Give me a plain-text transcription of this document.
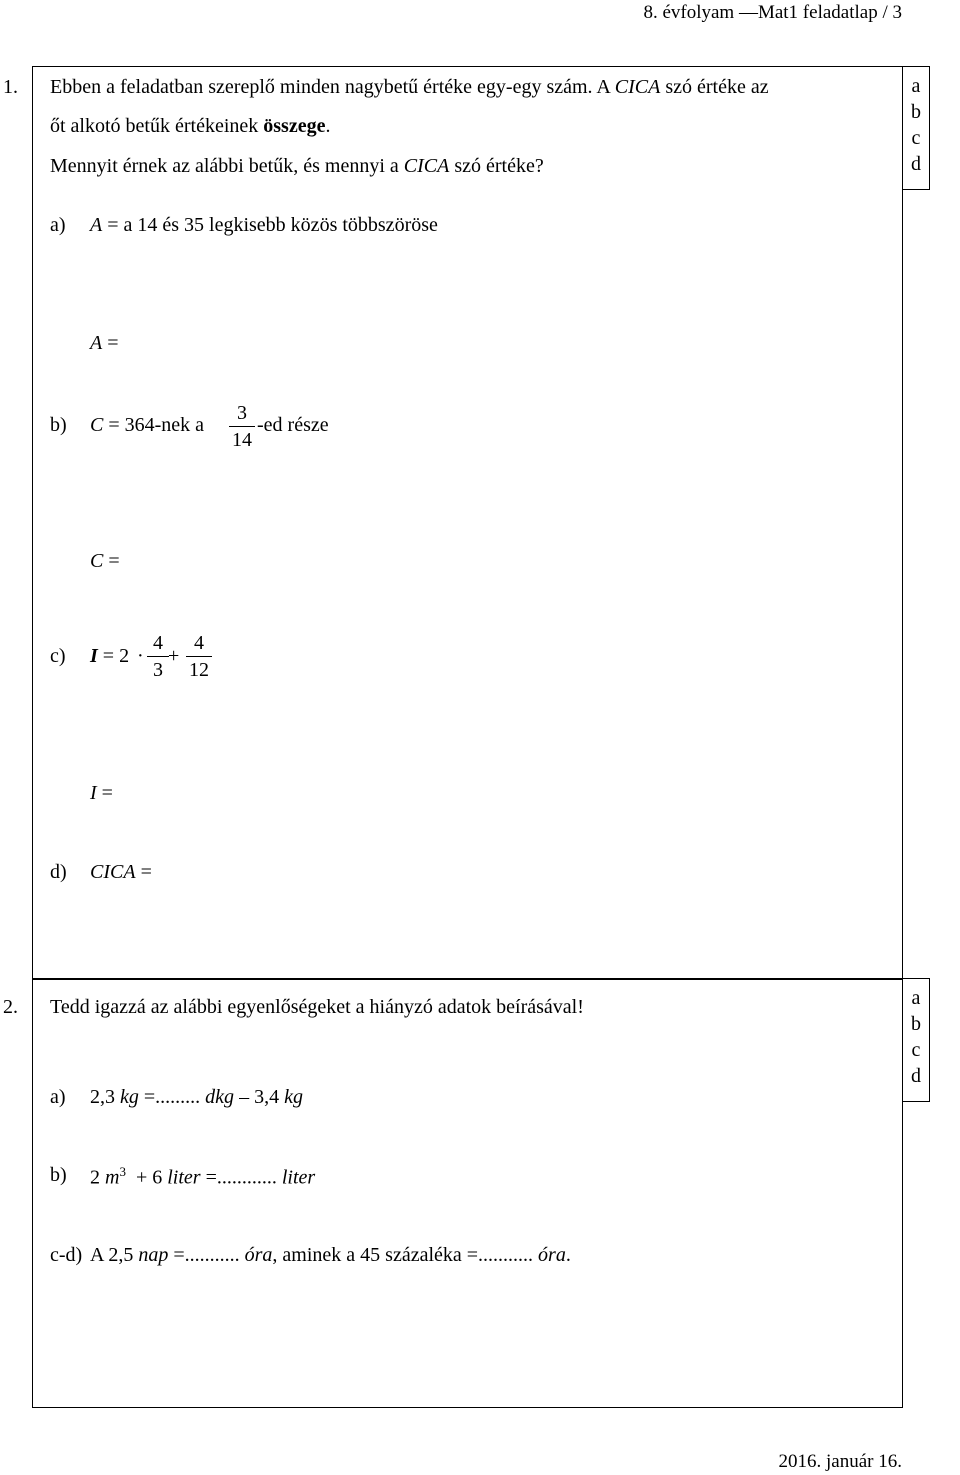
8. évfolyam —Mat1 feladatlap / 3
a
b
c
d
1. Ebben a feladatban szereplő minden nagybetű értéke egy-egy szám. A CICA szó értéke az
őt alkotó betűk értékeinek összege.
Mennyit érnek az alábbi betűk, és mennyi a CICA szó értéke?
a) A = a 14 és 35 legkisebb közös többszöröse
A =
b) C = 364-nek a
3
14
-ed része
C =
c) I = 2 ·
4
3
+
4
12
I =
d) CICA =
a
b
c
d
2. Tedd igazzá az alábbi egyenlőségeket a hiányzó adatok beírásával!
a) 2,3 kg =......... dkg – 3,4 kg
b) 2 $m^3 + 6$ liter =............ liter
c-d) A 2,5 nap =........... óra, aminek a 45 százaléka =........... óra.
2016. január 16.
